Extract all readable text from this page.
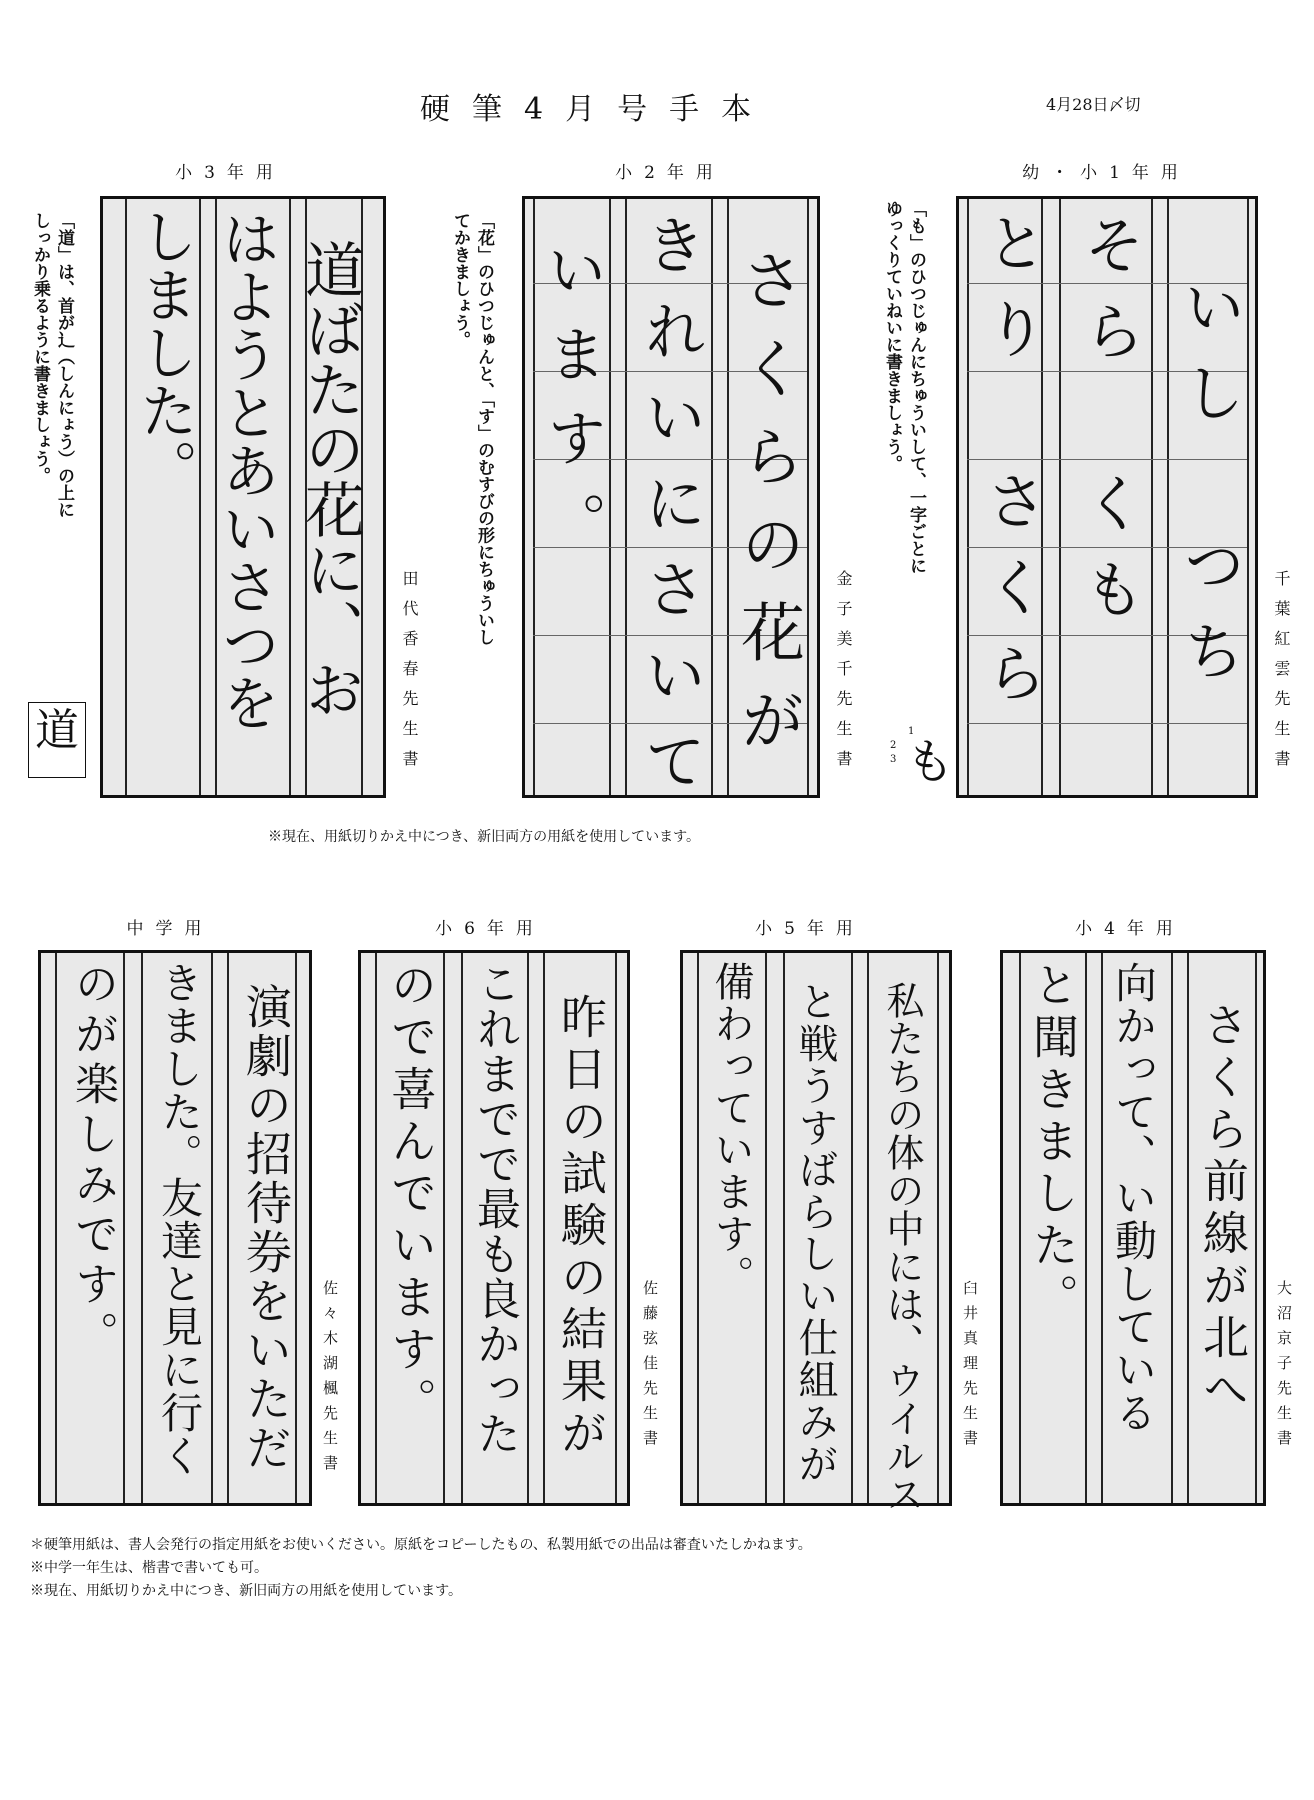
硬筆4月号手本	4月28日〆切
小3年用
道ばたの花に、お
はようとあいさつを
しました。
「道」は、首が辶（しんにょう）の上に
しっかり乗るように書きましょう。
道	田代香春先生書
小2年用
さくらの花が
きれいにさいて
います。
「花」のひつじゅんと、「す」のむすびの形にちゅういし
てかきましょう。
金子美千先生書
幼・小1年用
いし　つち
そら　くも
とり　さくら
「も」のひつじゅんにちゅういして、一字ごとに
ゆっくりていねいに書きましょう。
1
2
3 も	千葉紅雲先生書
※現在、用紙切りかえ中につき、新旧両方の用紙を使用しています。
中学用
演劇の招待券をいただ
きました。友達と見に行く
のが楽しみです。
佐々木湖楓先生書
小6年用
昨日の試験の結果が
これまでで最も良かった
ので喜んでいます。	佐藤弦佳先生書
小5年用
私たちの体の中には、ウイルス
と戦うすばらしい仕組みが
備わっています。
臼井真理先生書
小4年用
さくら前線が北へ
向かって、い動している
と聞きました。
大沼京子先生書
＊硬筆用紙は、書人会発行の指定用紙をお使いください。原紙をコピーしたもの、私製用紙での出品は審査いたしかねます。
※中学一年生は、楷書で書いても可。
※現在、用紙切りかえ中につき、新旧両方の用紙を使用しています。
